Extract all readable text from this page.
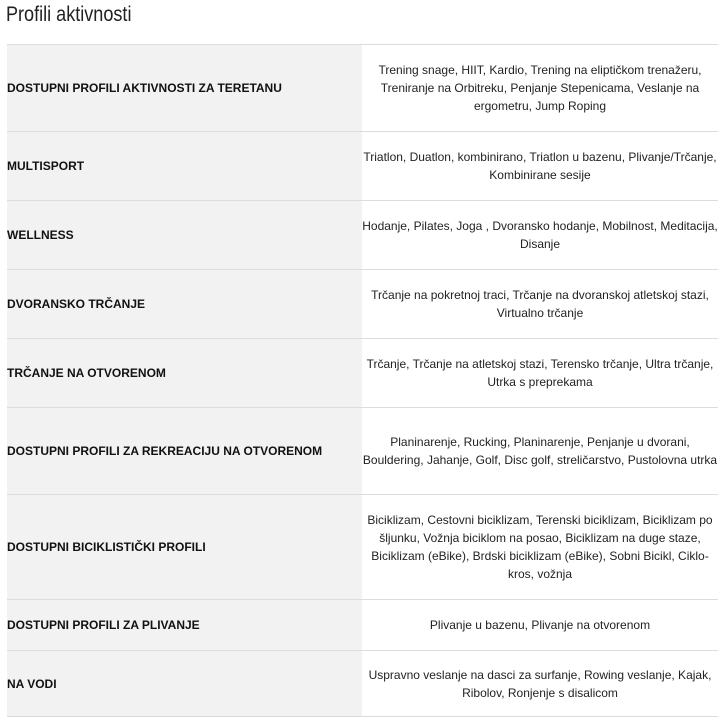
Profili aktivnosti
DOSTUPNI PROFILI AKTIVNOSTI ZA TERETANU	Trening snage, HIIT, Kardio, Trening na eliptičkom trenažeru, Treniranje na Orbitreku, Penjanje Stepenicama, Veslanje na ergometru, Jump Roping
MULTISPORT	Triatlon, Duatlon, kombinirano, Triatlon u bazenu, Plivanje/Trčanje, Kombinirane sesije
WELLNESS	Hodanje, Pilates, Joga , Dvoransko hodanje, Mobilnost, Meditacija, Disanje
DVORANSKO TRČANJE	Trčanje na pokretnoj traci, Trčanje na dvoranskoj atletskoj stazi, Virtualno trčanje
TRČANJE NA OTVORENOM	Trčanje, Trčanje na atletskoj stazi, Terensko trčanje, Ultra trčanje, Utrka s preprekama
DOSTUPNI PROFILI ZA REKREACIJU NA OTVORENOM	Planinarenje, Rucking, Planinarenje, Penjanje u dvorani, Bouldering, Jahanje, Golf, Disc golf, streličarstvo, Pustolovna utrka
DOSTUPNI BICIKLISTIČKI PROFILI	Biciklizam, Cestovni biciklizam, Terenski biciklizam, Biciklizam po šljunku, Vožnja biciklom na posao, Biciklizam na duge staze, Biciklizam (eBike), Brdski biciklizam (eBike), Sobni Bicikl, Ciklo-kros, vožnja
DOSTUPNI PROFILI ZA PLIVANJE	Plivanje u bazenu, Plivanje na otvorenom
NA VODI	Uspravno veslanje na dasci za surfanje, Rowing veslanje, Kajak, Ribolov, Ronjenje s disalicom
